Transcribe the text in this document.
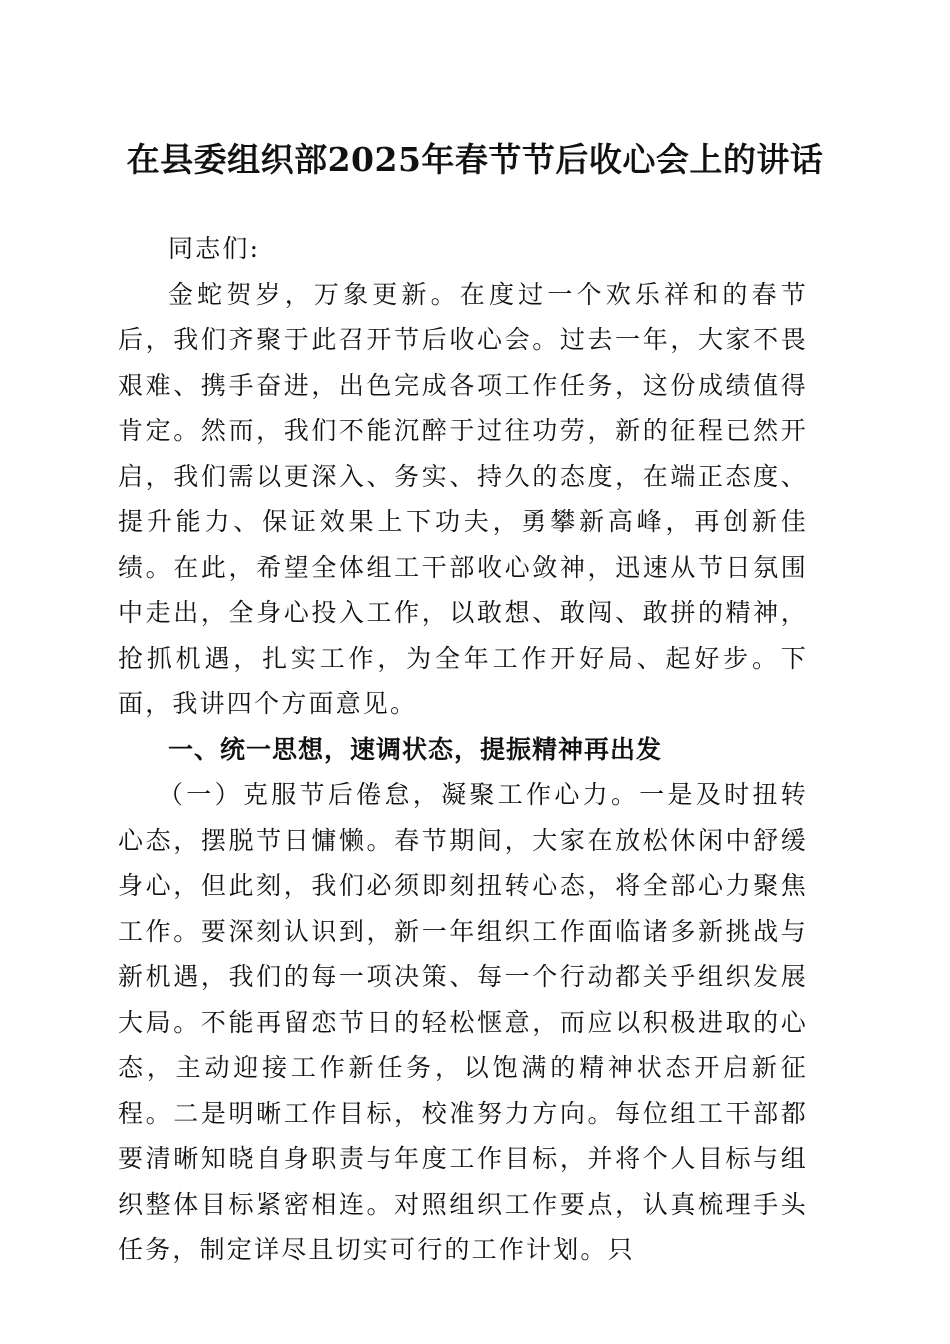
在县委组织部2025年春节节后收心会上的讲话

同志们:

金蛇贺岁，万象更新。在度过一个欢乐祥和的春节后，我们齐聚于此召开节后收心会。过去一年，大家不畏艰难、携手奋进，出色完成各项工作任务，这份成绩值得肯定。然而，我们不能沉醉于过往功劳，新的征程已然开启，我们需以更深入、务实、持久的态度，在端正态度、提升能力、保证效果上下功夫，勇攀新高峰，再创新佳绩。在此，希望全体组工干部收心敛神，迅速从节日氛围中走出，全身心投入工作，以敢想、敢闯、敢拼的精神，抢抓机遇，扎实工作，为全年工作开好局、起好步。下面，我讲四个方面意见。

一、统一思想，速调状态，提振精神再出发

（一）克服节后倦怠，凝聚工作心力。一是及时扭转心态，摆脱节日慵懒。春节期间，大家在放松休闲中舒缓身心，但此刻，我们必须即刻扭转心态，将全部心力聚焦工作。要深刻认识到，新一年组织工作面临诸多新挑战与新机遇，我们的每一项决策、每一个行动都关乎组织发展大局。不能再留恋节日的轻松惬意，而应以积极进取的心态，主动迎接工作新任务，以饱满的精神状态开启新征程。二是明晰工作目标，校准努力方向。每位组工干部都要清晰知晓自身职责与年度工作目标，并将个人目标与组织整体目标紧密相连。对照组织工作要点，认真梳理手头任务，制定详尽且切实可行的工作计划。只
